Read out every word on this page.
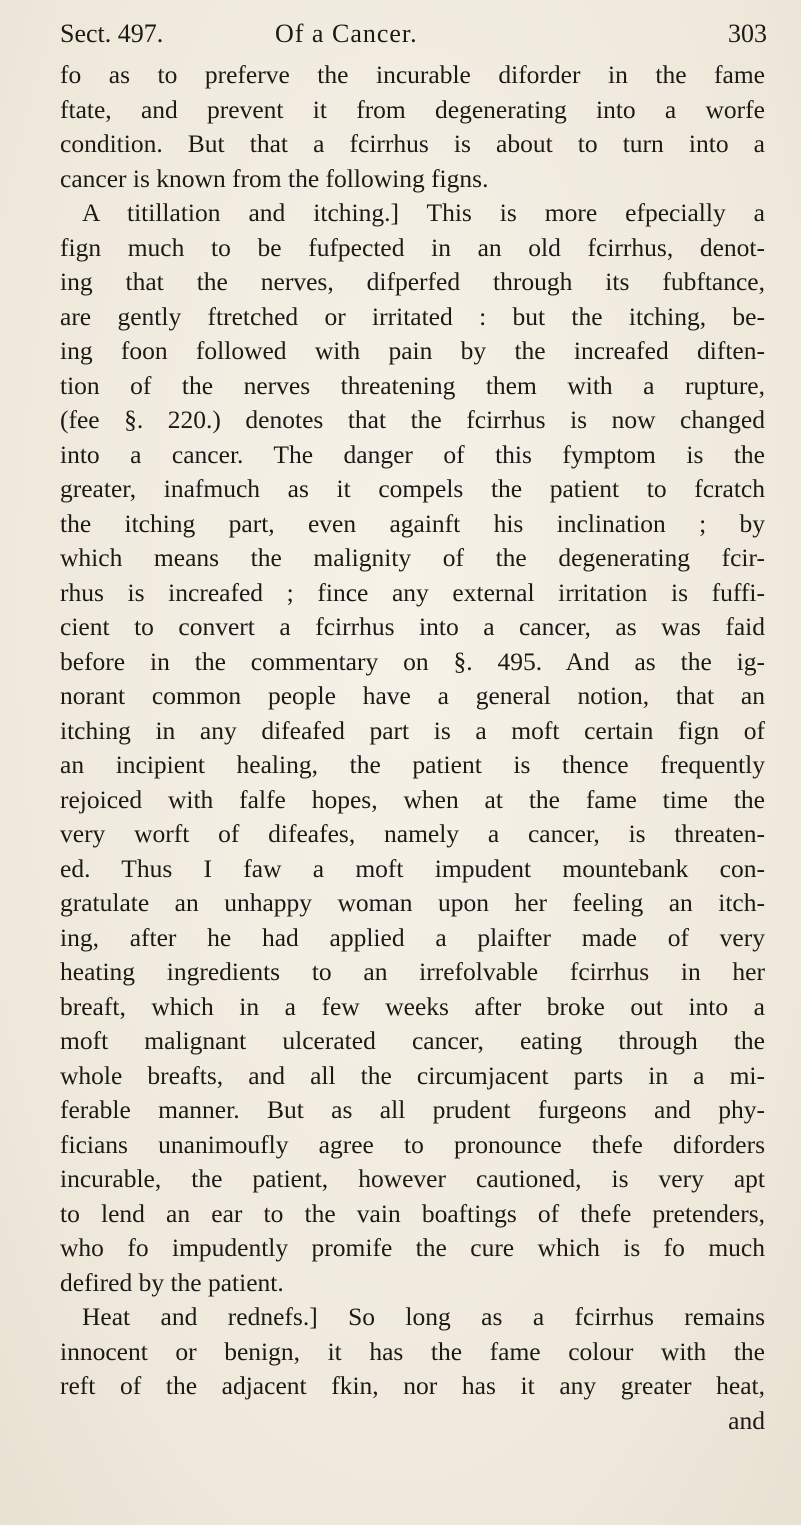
Sect. 497.	Of a Cancer.	303
fo as to preferve the incurable diforder in the fame
ftate, and prevent it from degenerating into a worfe
condition. But that a fcirrhus is about to turn into a
cancer is known from the following figns.
A titillation and itching.] This is more efpecially a
fign much to be fufpected in an old fcirrhus, denot-
ing that the nerves, difperfed through its fubftance,
are gently ftretched or irritated : but the itching, be-
ing foon followed with pain by the increafed diften-
tion of the nerves threatening them with a rupture,
(fee §. 220.) denotes that the fcirrhus is now changed
into a cancer. The danger of this fymptom is the
greater, inafmuch as it compels the patient to fcratch
the itching part, even againft his inclination ; by
which means the malignity of the degenerating fcir-
rhus is increafed ; fince any external irritation is fuffi-
cient to convert a fcirrhus into a cancer, as was faid
before in the commentary on §. 495. And as the ig-
norant common people have a general notion, that an
itching in any difeafed part is a moft certain fign of
an incipient healing, the patient is thence frequently
rejoiced with falfe hopes, when at the fame time the
very worft of difeafes, namely a cancer, is threaten-
ed. Thus I faw a moft impudent mountebank con-
gratulate an unhappy woman upon her feeling an itch-
ing, after he had applied a plaifter made of very
heating ingredients to an irrefolvable fcirrhus in her
breaft, which in a few weeks after broke out into a
moft malignant ulcerated cancer, eating through the
whole breafts, and all the circumjacent parts in a mi-
ferable manner. But as all prudent furgeons and phy-
ficians unanimoufly agree to pronounce thefe diforders
incurable, the patient, however cautioned, is very apt
to lend an ear to the vain boaftings of thefe pretenders,
who fo impudently promife the cure which is fo much
defired by the patient.
Heat and rednefs.] So long as a fcirrhus remains
innocent or benign, it has the fame colour with the
reft of the adjacent fkin, nor has it any greater heat,
and
